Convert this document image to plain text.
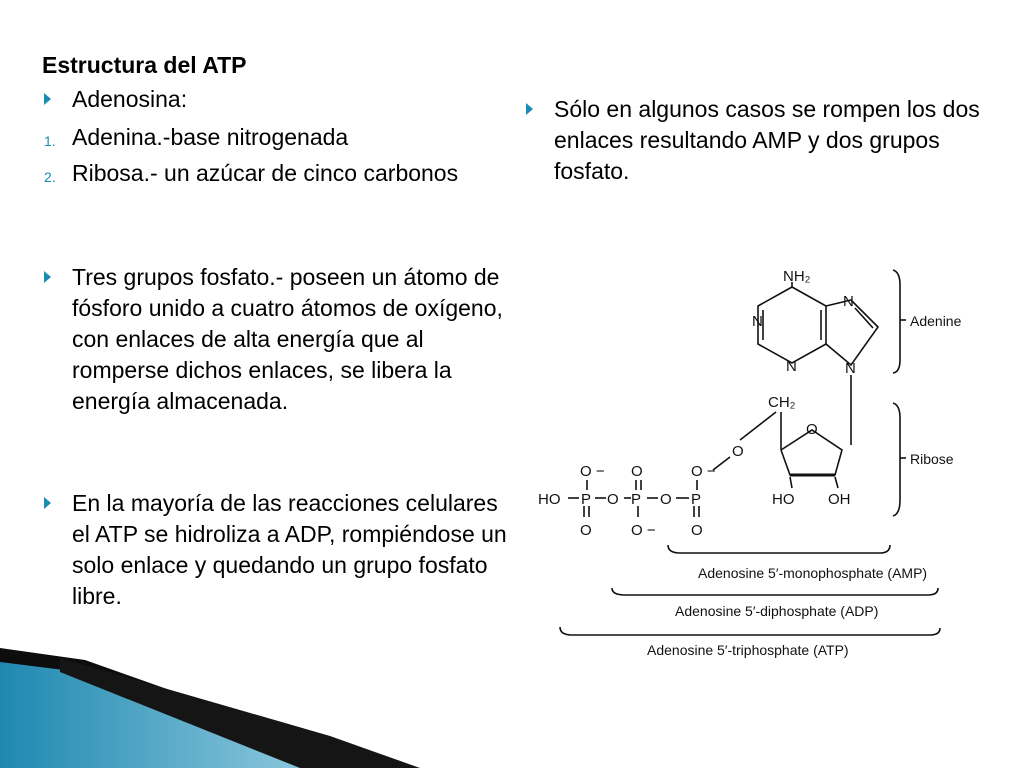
Estructura del ATP
Adenosina:
1. Adenina.-base nitrogenada
2. Ribosa.- un azúcar de cinco carbonos
Tres grupos fosfato.- poseen un átomo de fósforo unido a cuatro átomos de oxígeno, con enlaces de alta energía que al romperse dichos enlaces, se libera la energía almacenada.
En la mayoría de las reacciones celulares el ATP se hidroliza a ADP, rompiéndose un solo enlace y quedando un grupo fosfato libre.
Sólo en algunos casos se rompen los dos enlaces resultando AMP y dos grupos fosfato.
NH₂
N
N
N
N
CH₂
O
O
HO OH
HO P O P O P
O − O	O −
O	O − O
Adenine
Ribose
Adenosine 5′-monophosphate (AMP)
Adenosine 5′-diphosphate (ADP)
Adenosine 5′-triphosphate (ATP)
